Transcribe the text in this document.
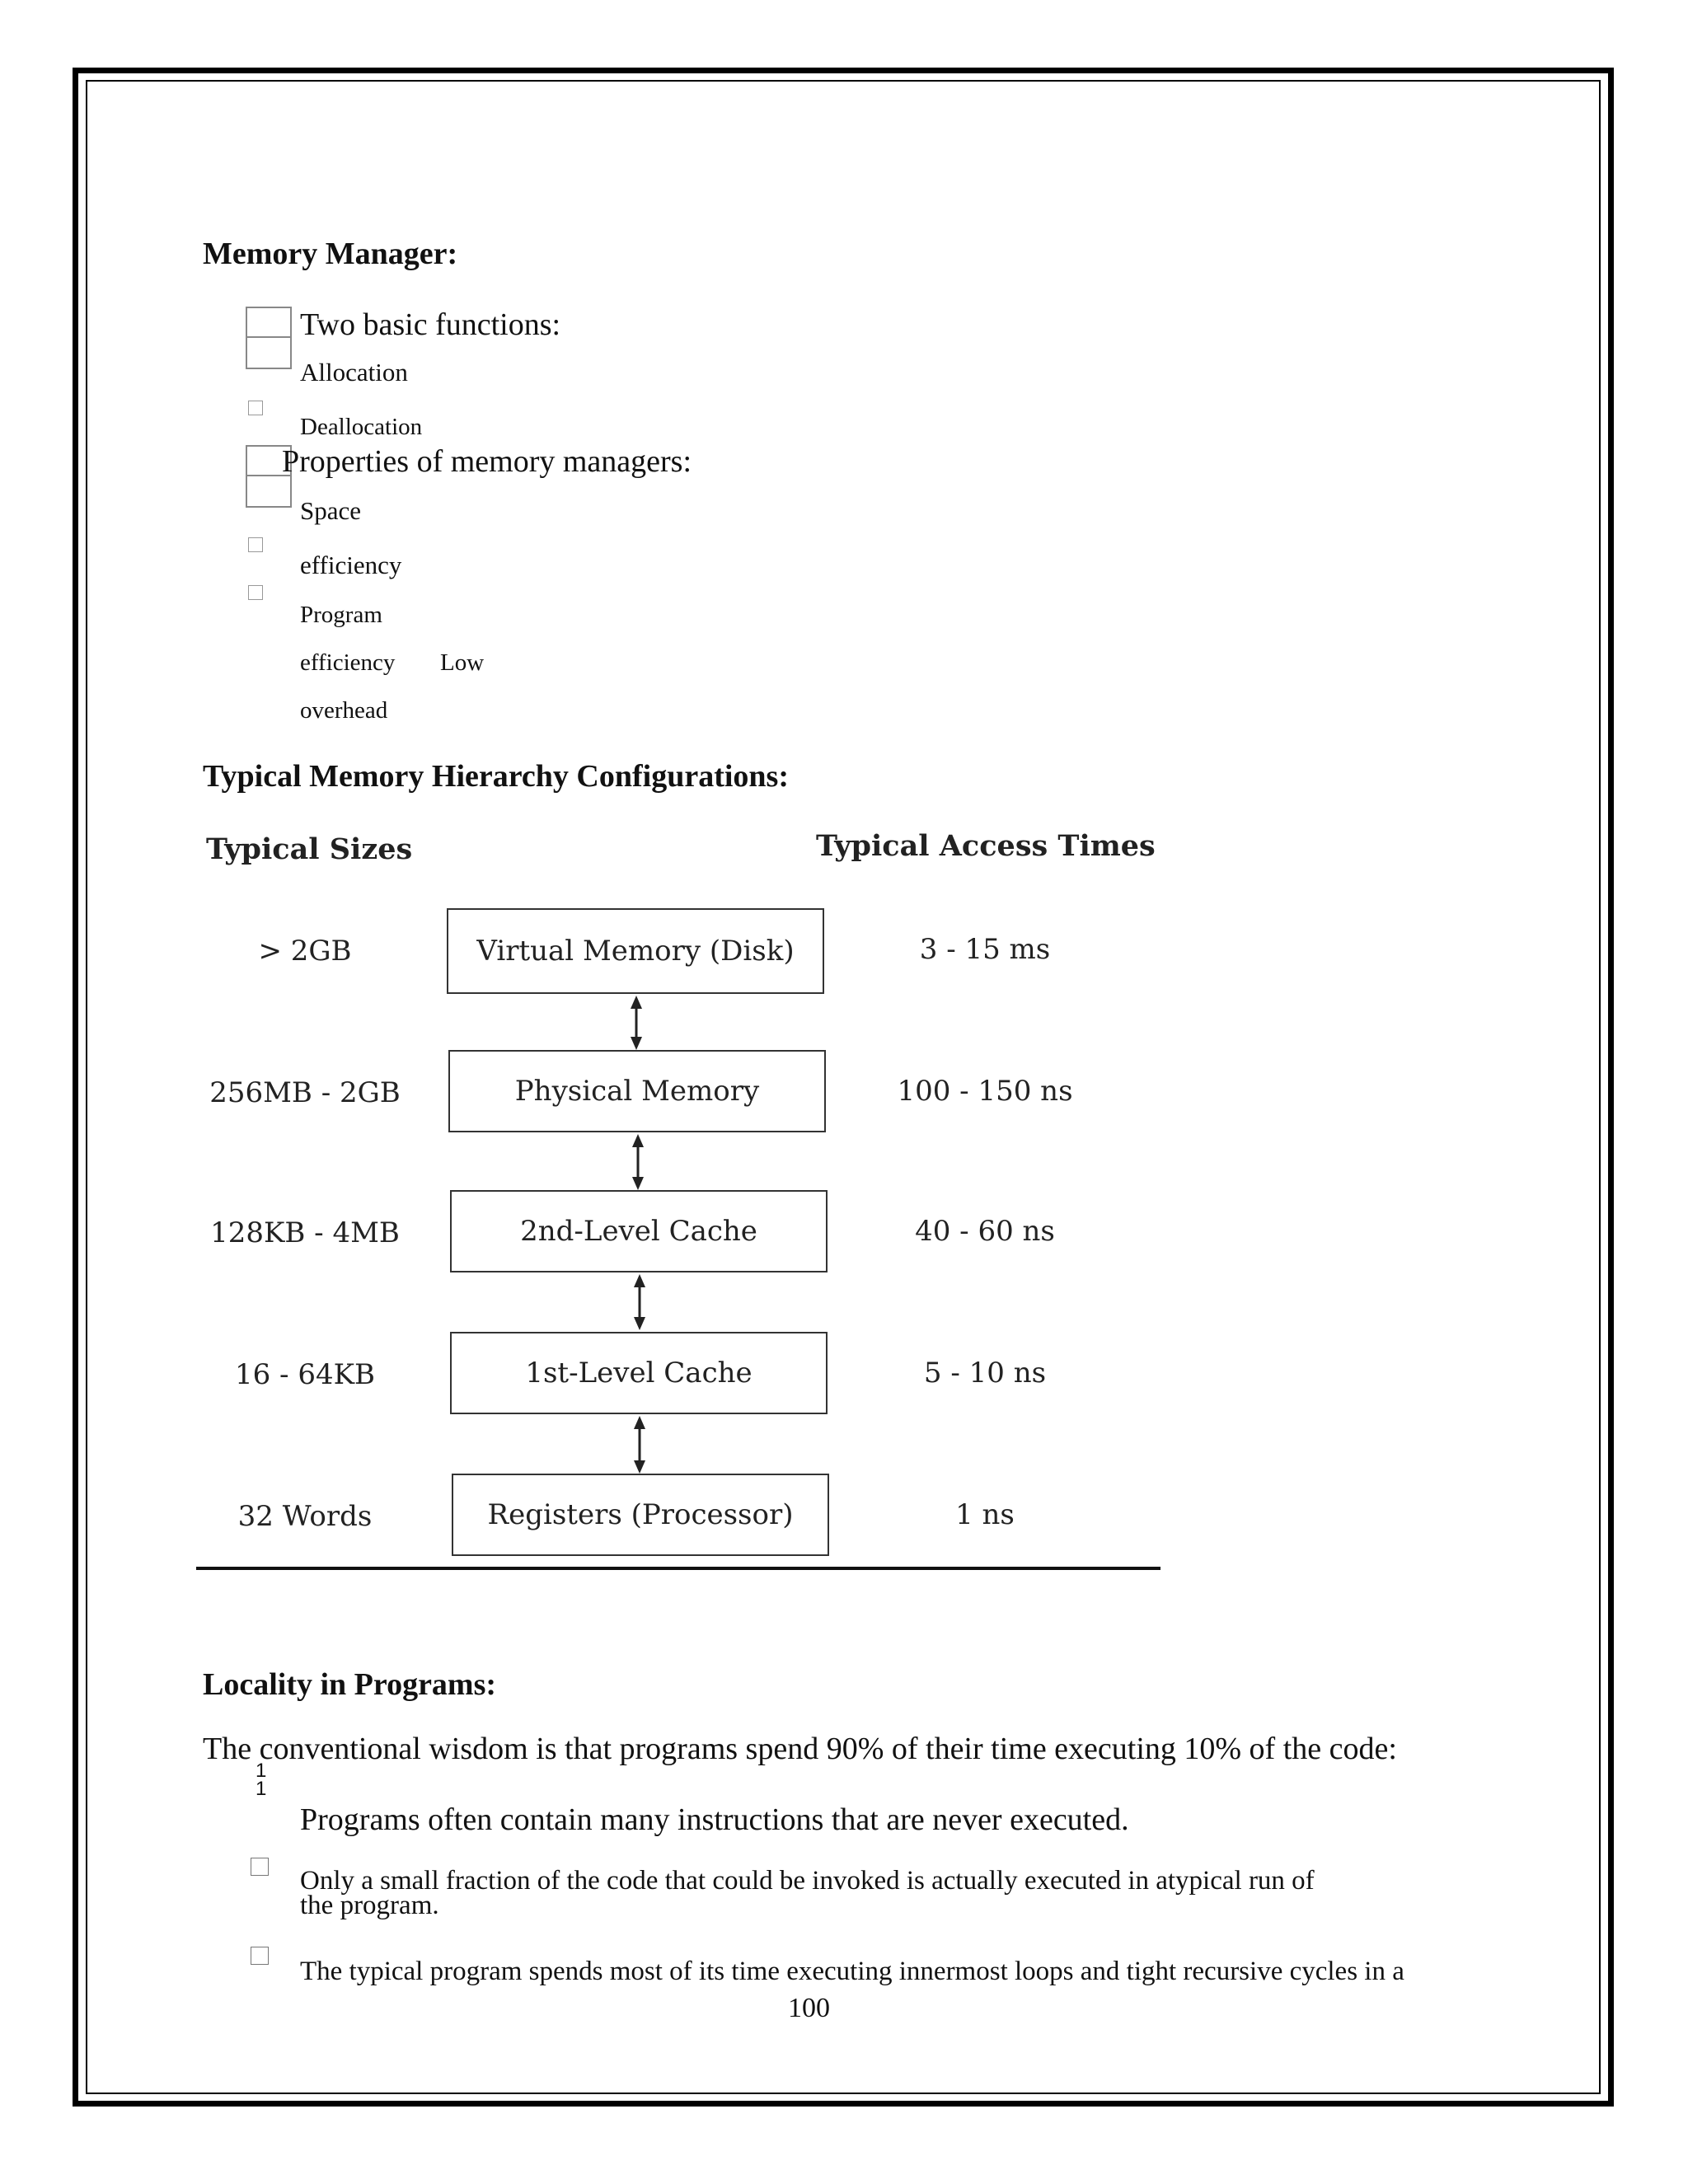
Memory Manager:
Two basic functions:
Allocation
Deallocation
Properties of memory managers:
Space
efficiency
Program
efficiency Low
overhead
Typical Memory Hierarchy Configurations:
Typical Sizes	Typical Access Times
> 2GB	Virtual Memory (Disk)	3 - 15 ms
256MB - 2GB	Physical Memory	100 - 150 ns
128KB - 4MB	2nd-Level Cache	40 - 60 ns
16 - 64KB	1st-Level Cache	5 - 10 ns
32 Words	Registers (Processor)	1 ns
Locality in Programs:
The conventional wisdom is that programs spend 90% of their time executing 10% of the code:
1
1
Programs often contain many instructions that are never executed.
Only a small fraction of the code that could be invoked is actually executed in atypical run of
the program.
The typical program spends most of its time executing innermost loops and tight recursive cycles in a
100
